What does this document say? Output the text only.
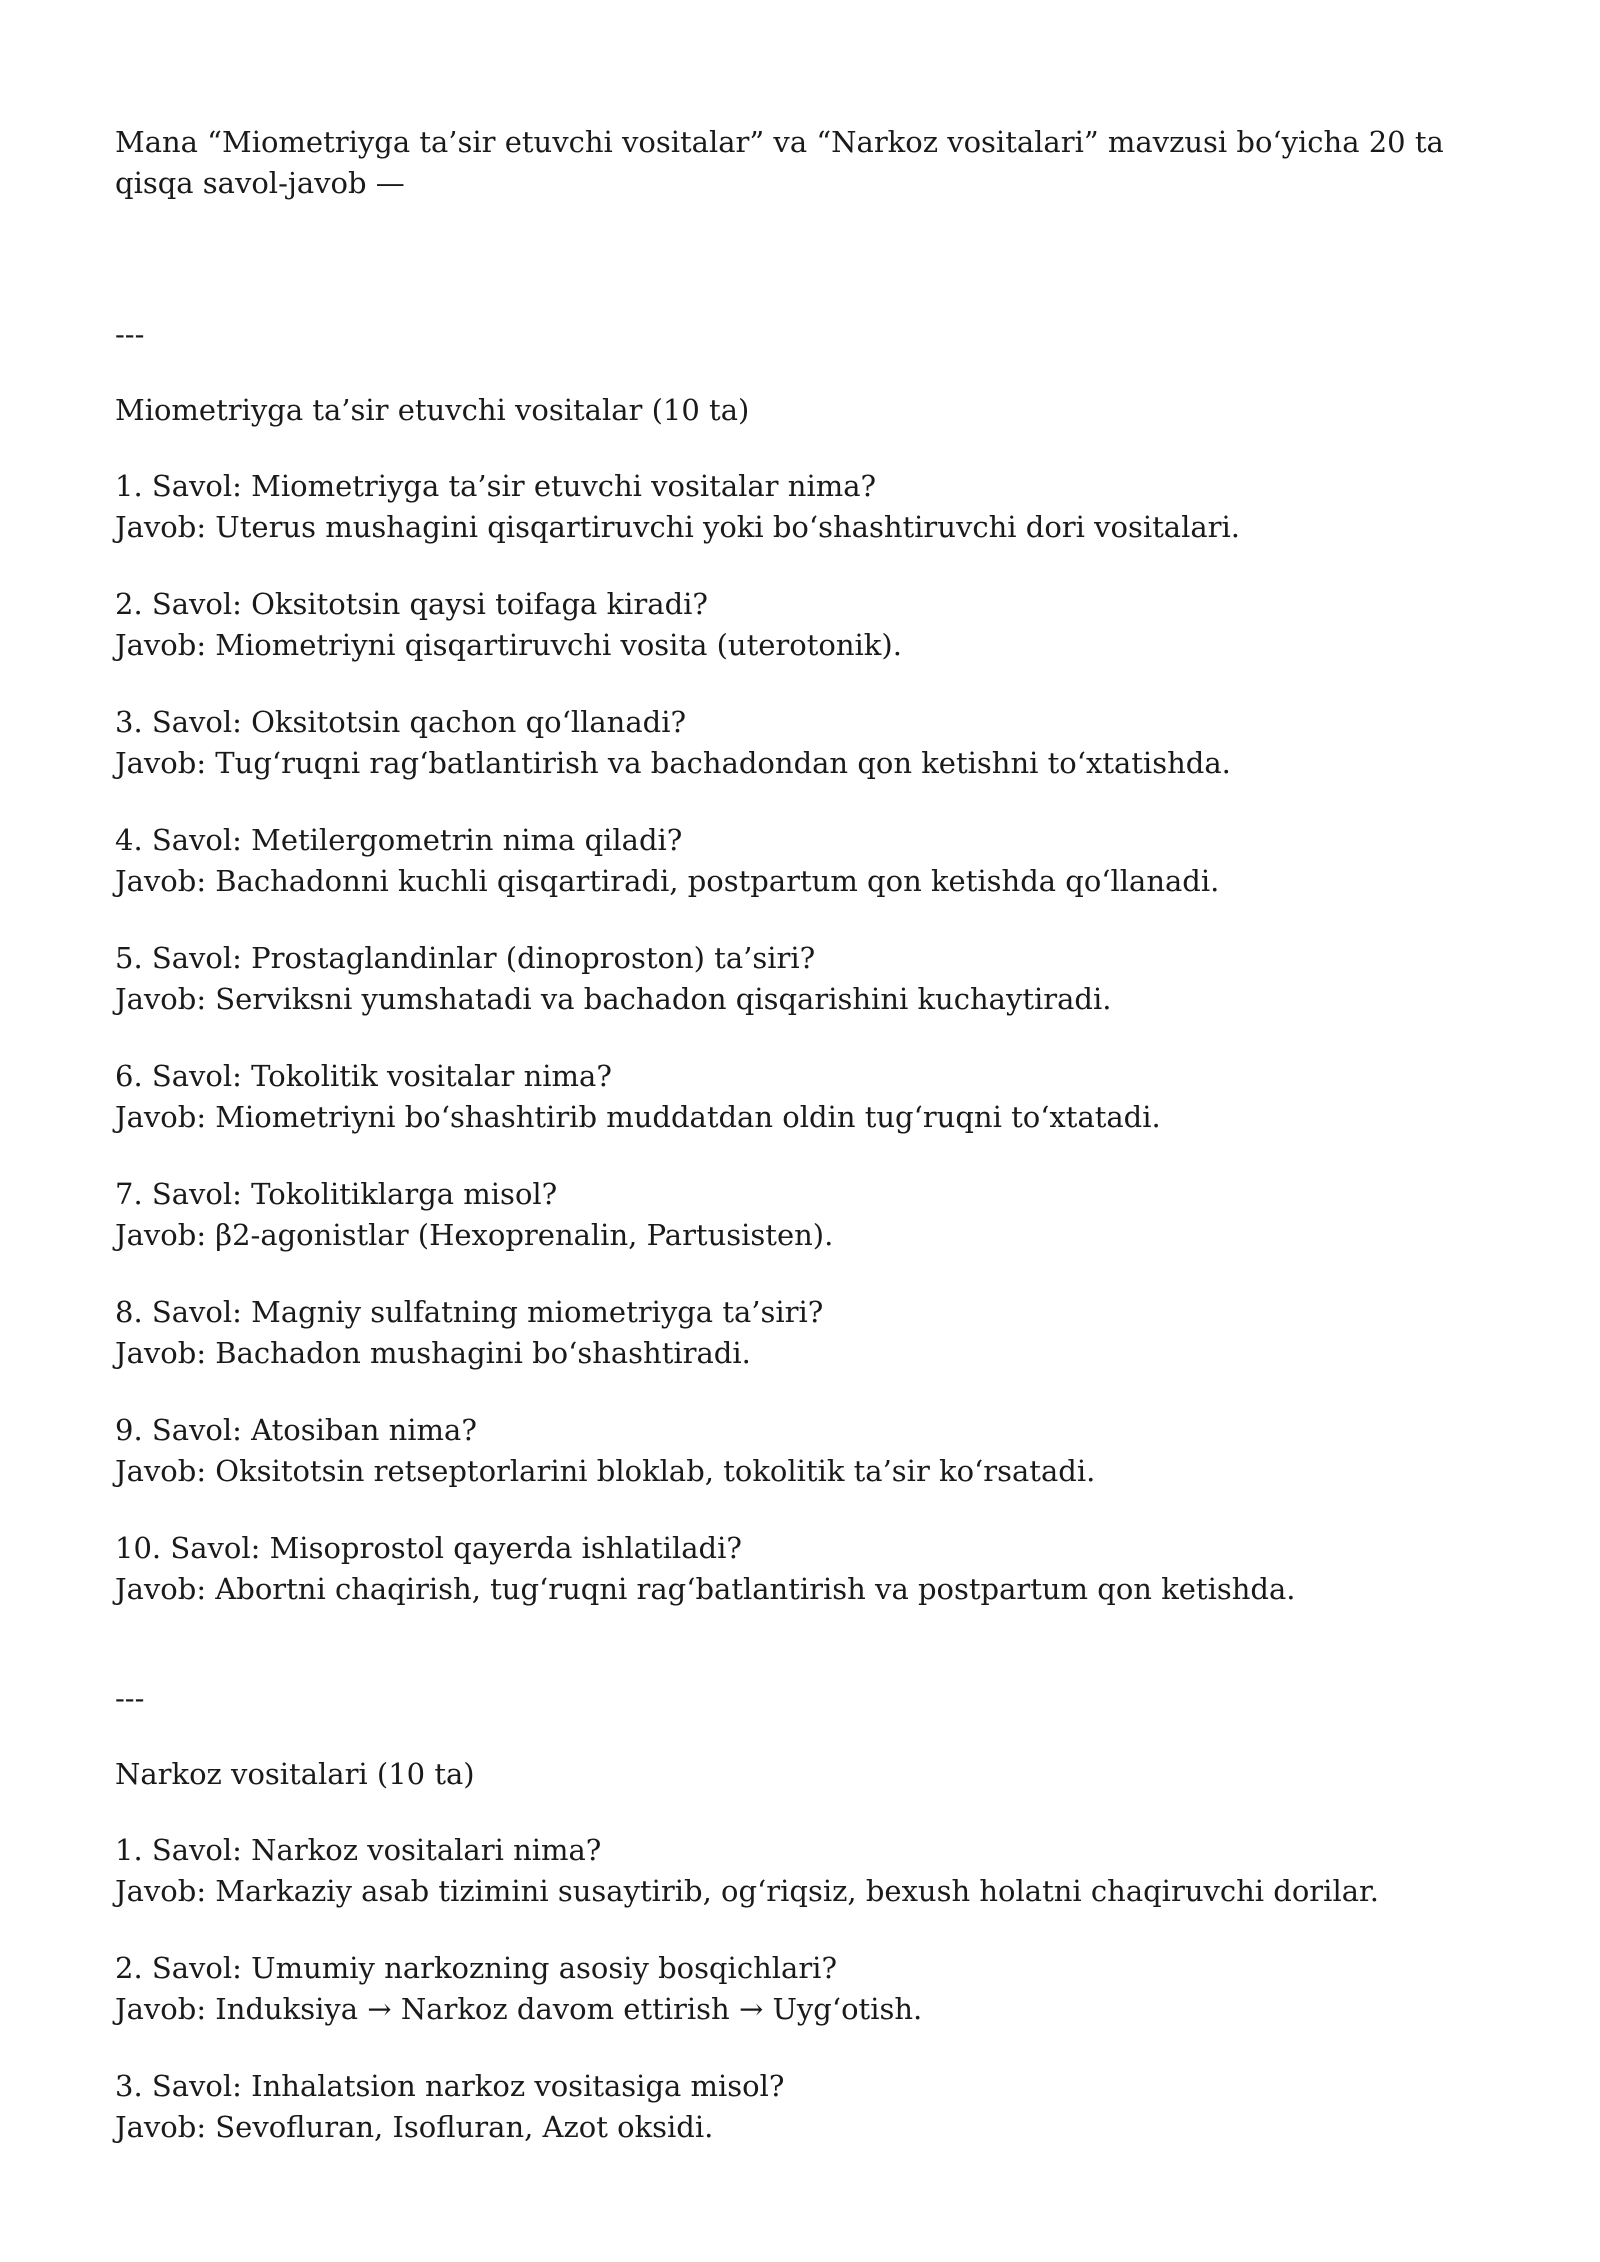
Mana “Miometriyga ta’sir etuvchi vositalar” va “Narkoz vositalari” mavzusi bo‘yicha 20 ta qisqa savol-javob —

---

Miometriyga ta’sir etuvchi vositalar (10 ta)

1. Savol: Miometriyga ta’sir etuvchi vositalar nima?
Javob: Uterus mushagini qisqartiruvchi yoki bo‘shashtiruvchi dori vositalari.
2. Savol: Oksitotsin qaysi toifaga kiradi?
Javob: Miometriyni qisqartiruvchi vosita (uterotonik).
3. Savol: Oksitotsin qachon qo‘llanadi?
Javob: Tug‘ruqni rag‘batlantirish va bachadondan qon ketishni to‘xtatishda.
4. Savol: Metilergometrin nima qiladi?
Javob: Bachadonni kuchli qisqartiradi, postpartum qon ketishda qo‘llanadi.
5. Savol: Prostaglandinlar (dinoproston) ta’siri?
Javob: Serviksni yumshatadi va bachadon qisqarishini kuchaytiradi.
6. Savol: Tokolitik vositalar nima?
Javob: Miometriyni bo‘shashtirib muddatdan oldin tug‘ruqni to‘xtatadi.
7. Savol: Tokolitiklarga misol?
Javob: β2-agonistlar (Hexoprenalin, Partusisten).
8. Savol: Magniy sulfatning miometriyga ta’siri?
Javob: Bachadon mushagini bo‘shashtiradi.
9. Savol: Atosiban nima?
Javob: Oksitotsin retseptorlarini bloklab, tokolitik ta’sir ko‘rsatadi.
10. Savol: Misoprostol qayerda ishlatiladi?
Javob: Abortni chaqirish, tug‘ruqni rag‘batlantirish va postpartum qon ketishda.

---

Narkoz vositalari (10 ta)

1. Savol: Narkoz vositalari nima?
Javob: Markaziy asab tizimini susaytirib, og‘riqsiz, bexush holatni chaqiruvchi dorilar.
2. Savol: Umumiy narkozning asosiy bosqichlari?
Javob: Induksiya → Narkoz davom ettirish → Uyg‘otish.
3. Savol: Inhalatsion narkoz vositasiga misol?
Javob: Sevofluran, Isofluran, Azot oksidi.
